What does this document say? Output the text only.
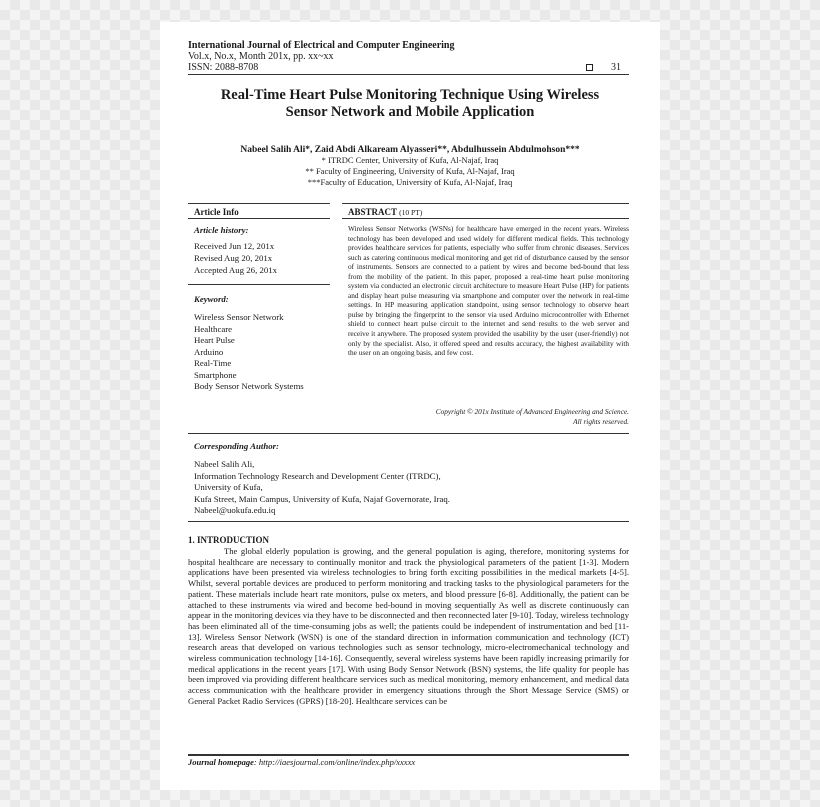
International Journal of Electrical and Computer Engineering
Vol.x, No.x, Month 201x, pp. xx~xx
ISSN: 2088-8708	31
Real-Time Heart Pulse Monitoring Technique Using Wireless
Sensor Network and Mobile Application
Nabeel Salih Ali*, Zaid Abdi Alkaream Alyasseri**, Abdulhussein Abdulmohson***
* ITRDC Center, University of Kufa, Al-Najaf, Iraq
** Faculty of Engineering, University of Kufa, Al-Najaf, Iraq
***Faculty of Education, University of Kufa, Al-Najaf, Iraq
Article Info
Article history:
Received Jun 12, 201x
Revised Aug 20, 201x
Accepted Aug 26, 201x
Keyword:
Wireless Sensor Network
Healthcare
Heart Pulse
Arduino
Real-Time
Smartphone
Body Sensor Network Systems
ABSTRACT (10 PT)
Wireless Sensor Networks (WSNs) for healthcare have emerged in the recent years. Wireless technology has been developed and used widely for different medical fields. This technology provides healthcare services for patients, especially who suffer from chronic diseases. Services such as catering continuous medical monitoring and get rid of disturbance caused by the sensor of instruments. Sensors are connected to a patient by wires and become bed-bound that less from the mobility of the patient. In this paper, proposed a real-time heart pulse monitoring system via conducted an electronic circuit architecture to measure Heart Pulse (HP) for patients and display heart pulse measuring via smartphone and computer over the network in real-time settings. In HP measuring application standpoint, using sensor technology to observe heart pulse by bringing the fingerprint to the sensor via used Arduino microcontroller with Ethernet shield to connect heart pulse circuit to the internet and send results to the web server and receive it anywhere. The proposed system provided the usability by the user (user-friendly) not only by the specialist. Also, it offered speed and results accuracy, the highest availability with the user on an ongoing basis, and few cost.
Copyright © 201x Institute of Advanced Engineering and Science.
All rights reserved.
Corresponding Author:
Nabeel Salih Ali,
Information Technology Research and Development Center (ITRDC),
University of Kufa,
Kufa Street, Main Campus, University of Kufa, Najaf Governorate, Iraq.
Nabeel@uokufa.edu.iq
1. INTRODUCTION

The global elderly population is growing, and the general population is aging, therefore, monitoring systems for hospital healthcare are necessary to continually monitor and track the physiological parameters of the patient [1-3]. Modern applications have been presented via wireless technologies to bring forth exciting possibilities in the medical markets [4-5]. Whilst, several portable devices are produced to perform monitoring and tracking tasks to the physiological parameters for the patient. These materials include heart rate monitors, pulse ox meters, and blood pressure [6-8]. Additionally, the patient can be attached to these instruments via wired and become bed-bound in moving sequentially As well as discrete continuously can appear in the monitoring devices via they have to be disconnected and then reconnected later [9-10]. Today, wireless technology has been eliminated all of the time-consuming jobs as well; the patients could be independent of instrumentation and bed [11-13]. Wireless Sensor Network (WSN) is one of the standard direction in information communication and technology (ICT) research areas that developed on various technologies such as sensor technology, micro-electromechanical technology and wireless communication technology [14-16]. Consequently, several wireless systems have been rapidly increasing primarily for medical applications in the recent years [17]. With using Body Sensor Network (BSN) systems, the life quality for people has been improved via providing different healthcare services such as medical monitoring, memory enhancement, and medical data access communication with the healthcare provider in emergency situations through the Short Message Service (SMS) or General Packet Radio Services (GPRS) [18-20]. Healthcare services can be

Journal homepage: http://iaesjournal.com/online/index.php/xxxxx
